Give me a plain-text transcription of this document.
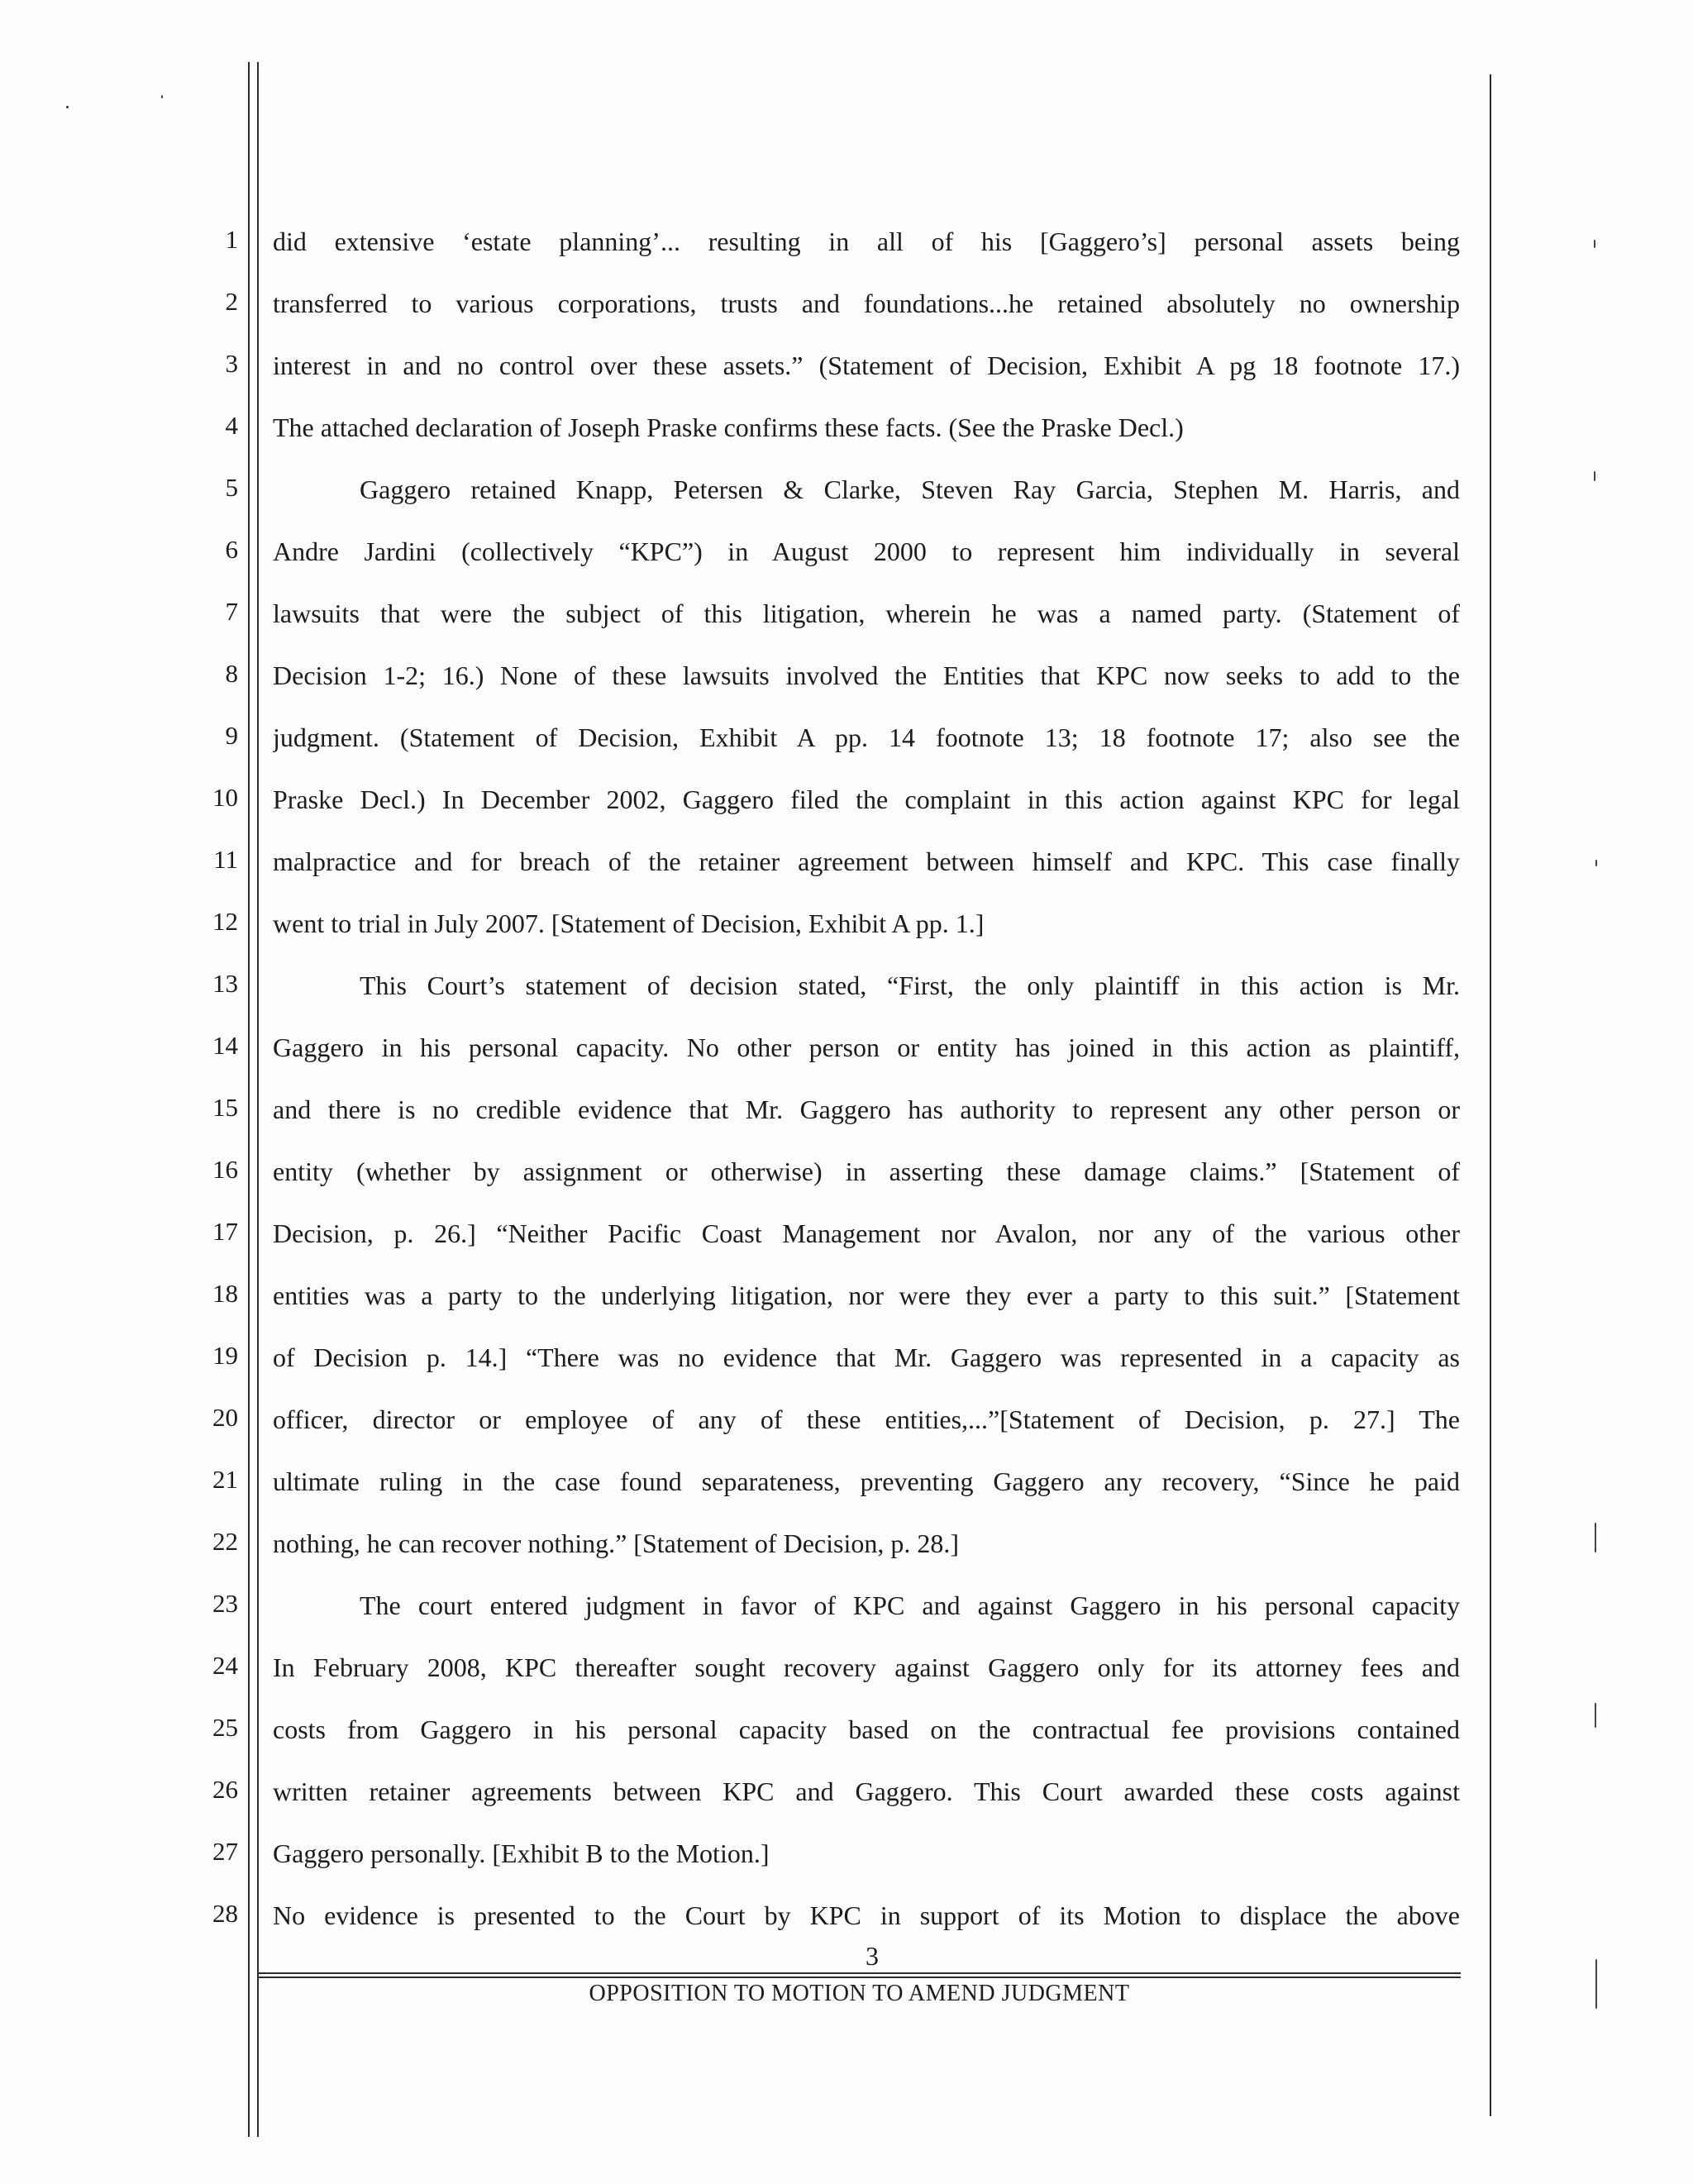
1
2
3
4
5
6
7
8
9
10
11
12
13
14
15
16
17
18
19
20
21
22
23
24
25
26
27
28
did extensive ‘estate planning’... resulting in all of his [Gaggero’s] personal assets being
transferred to various corporations, trusts and foundations...he retained absolutely no ownership
interest in and no control over these assets.” (Statement of Decision, Exhibit A pg 18 footnote 17.)
The attached declaration of Joseph Praske confirms these facts. (See the Praske Decl.)
Gaggero retained Knapp, Petersen & Clarke, Steven Ray Garcia, Stephen M. Harris, and
Andre Jardini (collectively “KPC”) in August 2000 to represent him individually in several
lawsuits that were the subject of this litigation, wherein he was a named party. (Statement of
Decision 1-2; 16.) None of these lawsuits involved the Entities that KPC now seeks to add to the
judgment. (Statement of Decision, Exhibit A pp. 14 footnote 13; 18 footnote 17; also see the
Praske Decl.) In December 2002, Gaggero filed the complaint in this action against KPC for legal
malpractice and for breach of the retainer agreement between himself and KPC. This case finally
went to trial in July 2007. [Statement of Decision, Exhibit A pp. 1.]
This Court’s statement of decision stated, “First, the only plaintiff in this action is Mr.
Gaggero in his personal capacity. No other person or entity has joined in this action as plaintiff,
and there is no credible evidence that Mr. Gaggero has authority to represent any other person or
entity (whether by assignment or otherwise) in asserting these damage claims.” [Statement of
Decision, p. 26.] “Neither Pacific Coast Management nor Avalon, nor any of the various other
entities was a party to the underlying litigation, nor were they ever a party to this suit.” [Statement
of Decision p. 14.] “There was no evidence that Mr. Gaggero was represented in a capacity as
officer, director or employee of any of these entities,...”[Statement of Decision, p. 27.] The
ultimate ruling in the case found separateness, preventing Gaggero any recovery, “Since he paid
nothing, he can recover nothing.” [Statement of Decision, p. 28.]
The court entered judgment in favor of KPC and against Gaggero in his personal capacity
In February 2008, KPC thereafter sought recovery against Gaggero only for its attorney fees and
costs from Gaggero in his personal capacity based on the contractual fee provisions contained
written retainer agreements between KPC and Gaggero. This Court awarded these costs against
Gaggero personally. [Exhibit B to the Motion.]
No evidence is presented to the Court by KPC in support of its Motion to displace the above
3
OPPOSITION TO MOTION TO AMEND JUDGMENT
